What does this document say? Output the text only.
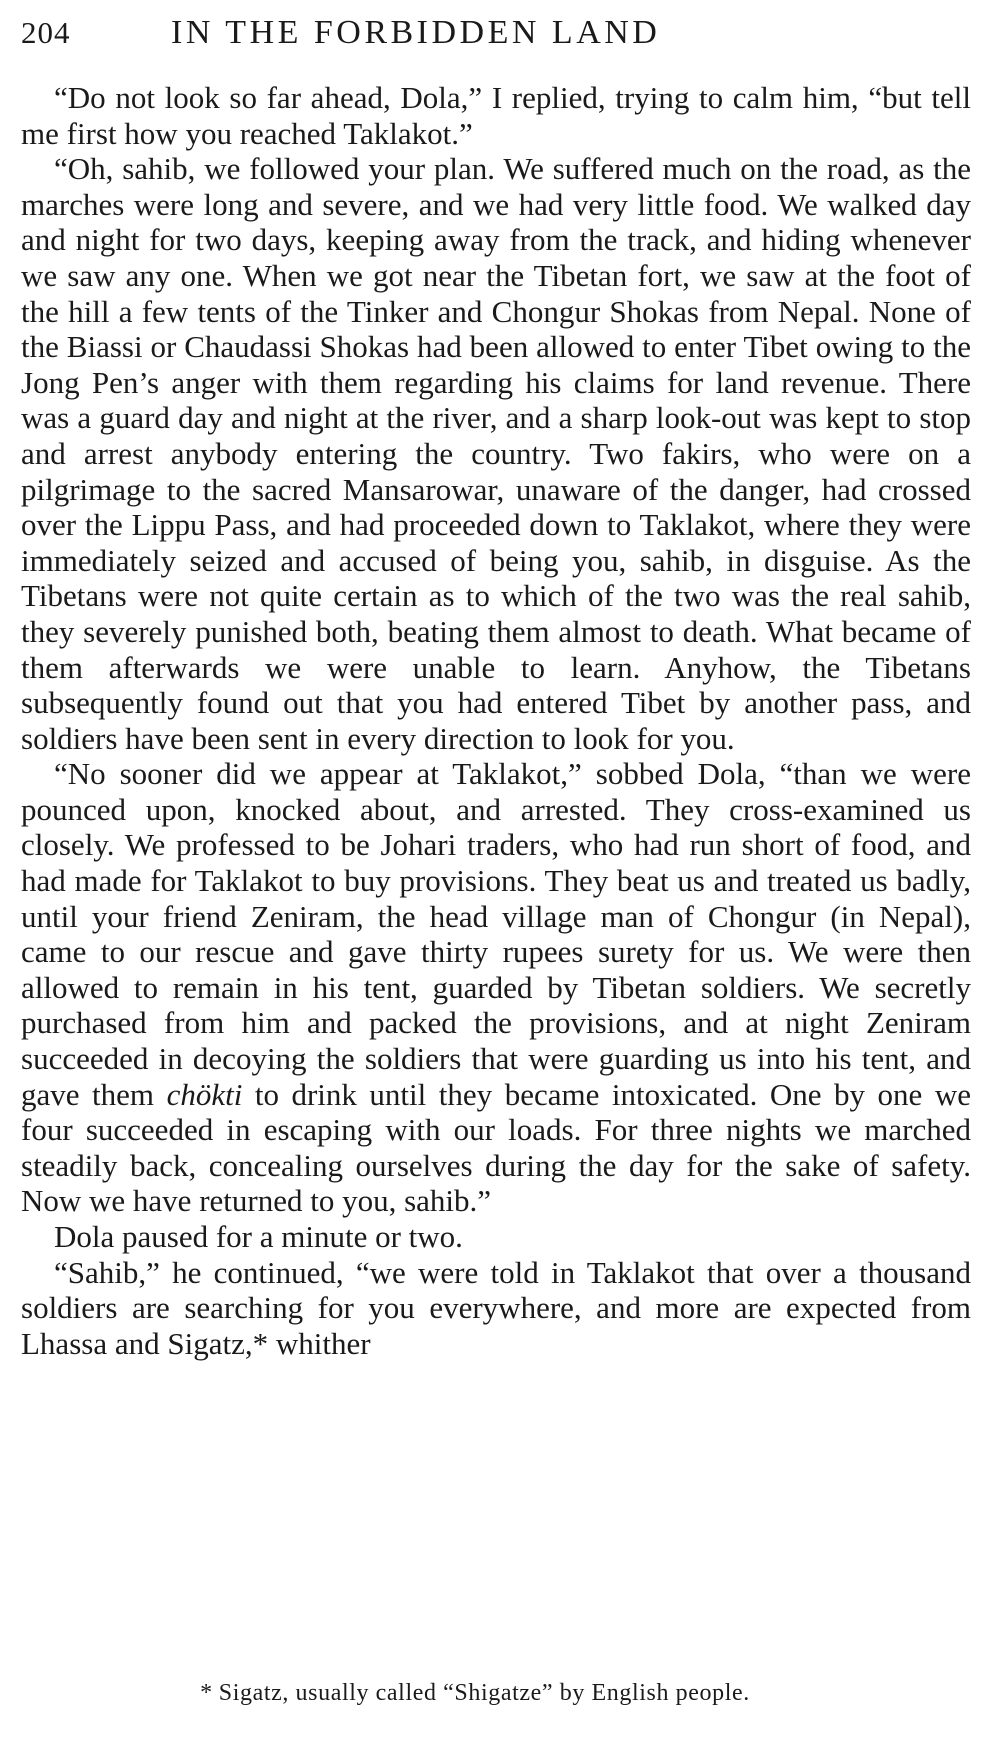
204	IN THE FORBIDDEN LAND

“Do not look so far ahead, Dola,” I replied, trying to calm him, “but tell me first how you reached Taklakot.”

“Oh, sahib, we followed your plan. We suffered much on the road, as the marches were long and severe, and we had very little food. We walked day and night for two days, keeping away from the track, and hiding whenever we saw any one. When we got near the Tibetan fort, we saw at the foot of the hill a few tents of the Tinker and Chongur Shokas from Nepal. None of the Biassi or Chaudassi Shokas had been allowed to enter Tibet owing to the Jong Pen’s anger with them regarding his claims for land revenue. There was a guard day and night at the river, and a sharp look-out was kept to stop and arrest anybody entering the country. Two fakirs, who were on a pilgrimage to the sacred Mansarowar, unaware of the danger, had crossed over the Lippu Pass, and had proceeded down to Taklakot, where they were immediately seized and accused of being you, sahib, in disguise. As the Tibetans were not quite certain as to which of the two was the real sahib, they severely punished both, beating them almost to death. What became of them afterwards we were unable to learn. Anyhow, the Tibetans subsequently found out that you had entered Tibet by another pass, and soldiers have been sent in every direction to look for you.

“No sooner did we appear at Taklakot,” sobbed Dola, “than we were pounced upon, knocked about, and arrested. They cross-examined us closely. We professed to be Johari traders, who had run short of food, and had made for Taklakot to buy provisions. They beat us and treated us badly, until your friend Zeniram, the head village man of Chongur (in Nepal), came to our rescue and gave thirty rupees surety for us. We were then allowed to remain in his tent, guarded by Tibetan soldiers. We secretly purchased from him and packed the provisions, and at night Zeniram succeeded in decoying the soldiers that were guarding us into his tent, and gave them chökti to drink until they became intoxicated. One by one we four succeeded in escaping with our loads. For three nights we marched steadily back, concealing ourselves during the day for the sake of safety. Now we have returned to you, sahib.”

Dola paused for a minute or two.

“Sahib,” he continued, “we were told in Taklakot that over a thousand soldiers are searching for you everywhere, and more are expected from Lhassa and Sigatz,* whither

* Sigatz, usually called “Shigatze” by English people.
